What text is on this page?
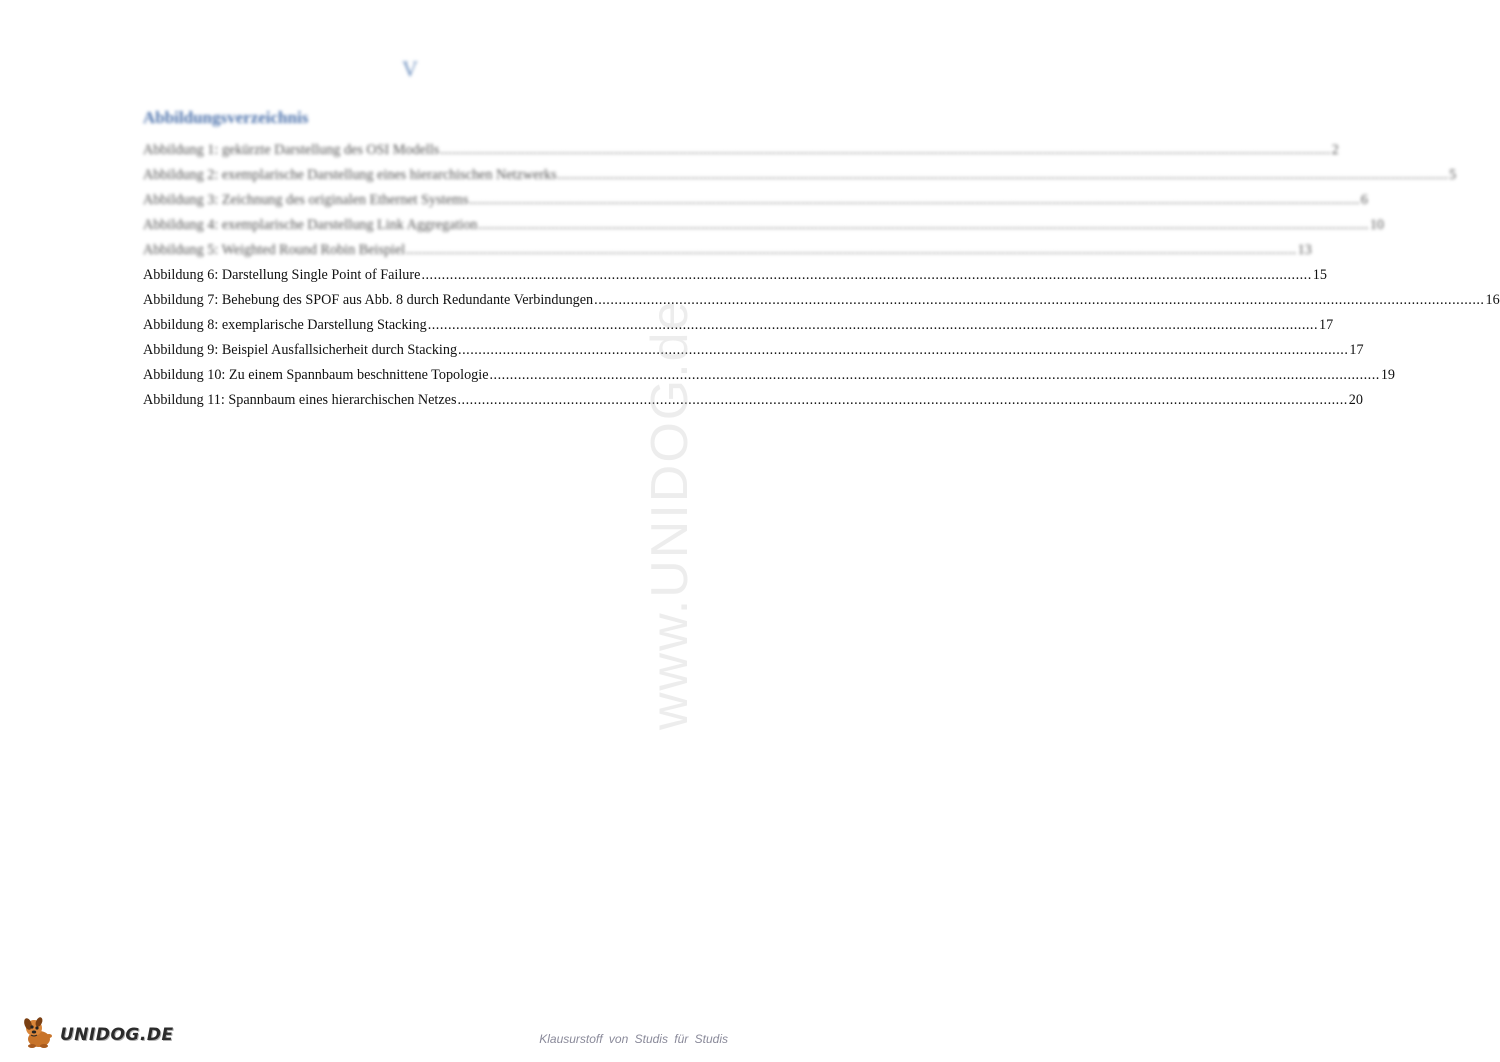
V
Abbildungsverzeichnis
Abbildung 1: gekürzte Darstellung des OSI Modells ............................................................................................................................................................................................................................ 2
Abbildung 2: exemplarische Darstellung eines hierarchischen Netzwerks ............................................................................................................................................................................................................................ 5
Abbildung 3: Zeichnung des originalen Ethernet Systems ............................................................................................................................................................................................................................ 6
Abbildung 4: exemplarische Darstellung Link Aggregation ............................................................................................................................................................................................................................ 10
Abbildung 5: Weighted Round Robin Beispiel ............................................................................................................................................................................................................................ 13
Abbildung 6: Darstellung Single Point of Failure ............................................................................................................................................................................................................................ 15
Abbildung 7: Behebung des SPOF aus Abb. 8 durch Redundante Verbindungen ............................................................................................................................................................................................................................ 16
Abbildung 8: exemplarische Darstellung Stacking ............................................................................................................................................................................................................................ 17
Abbildung 9: Beispiel Ausfallsicherheit durch Stacking ............................................................................................................................................................................................................................ 17
Abbildung 10: Zu einem Spannbaum beschnittene Topologie ............................................................................................................................................................................................................................ 19
Abbildung 11: Spannbaum eines hierarchischen Netzes ............................................................................................................................................................................................................................ 20
www.UNIDOG.de
UNIDOG.DE	Klausurstoff von Studis für Studis
